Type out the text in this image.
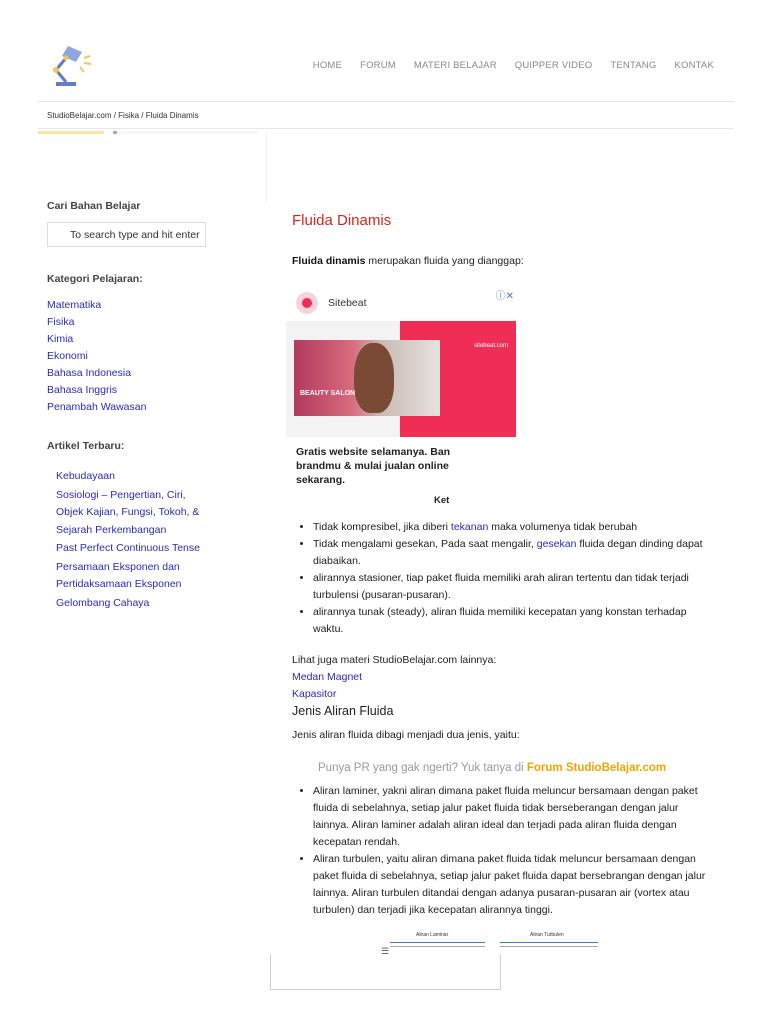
HOME FORUM MATERI BELAJAR QUIPPER VIDEO TENTANG KONTAK
StudioBelajar.com / Fisika / Fluida Dinamis
Cari Bahan Belajar
To search type and hit enter
Kategori Pelajaran:
Matematika
Fisika
Kimia
Ekonomi
Bahasa Indonesia
Bahasa Inggris
Penambah Wawasan
Artikel Terbaru:
Kebudayaan
Sosiologi – Pengertian, Ciri,
Objek Kajian, Fungsi, Tokoh, &
Sejarah Perkembangan
Past Perfect Continuous Tense
Persamaan Eksponen dan
Pertidaksamaan Eksponen
Gelombang Cahaya
Fluida Dinamis
Fluida dinamis merupakan fluida yang dianggap:
Sitebeat
ⓘ✕
BEAUTY SALON
sitebeat.com
Gratis website selamanya. Ban
brandmu & mulai jualan online
sekarang.
Ket
• Tidak kompresibel, jika diberi tekanan maka volumenya tidak berubah
• Tidak mengalami gesekan, Pada saat mengalir, gesekan fluida degan dinding dapat diabaikan.
• alirannya stasioner, tiap paket fluida memiliki arah aliran tertentu dan tidak terjadi turbulensi (pusaran-pusaran).
• alirannya tunak (steady), aliran fluida memiliki kecepatan yang konstan terhadap waktu.
Lihat juga materi StudioBelajar.com lainnya:
Medan Magnet
Kapasitor
Jenis Aliran Fluida
Jenis aliran fluida dibagi menjadi dua jenis, yaitu:
Punya PR yang gak ngerti? Yuk tanya di Forum StudioBelajar.com
• Aliran laminer, yakni aliran dimana paket fluida meluncur bersamaan dengan paket fluida di sebelahnya, setiap jalur paket fluida tidak berseberangan dengan jalur lainnya. Aliran laminer adalah aliran ideal dan terjadi pada aliran fluida dengan kecepatan rendah.
• Aliran turbulen, yaitu aliran dimana paket fluida tidak meluncur bersamaan dengan paket fluida di sebelahnya, setiap jalur paket fluida dapat bersebrangan dengan jalur lainnya. Aliran turbulen ditandai dengan adanya pusaran-pusaran air (vortex atau turbulen) dan terjadi jika kecepatan alirannya tinggi.
Aliran Laminar	Aliran Turbulen
☰
